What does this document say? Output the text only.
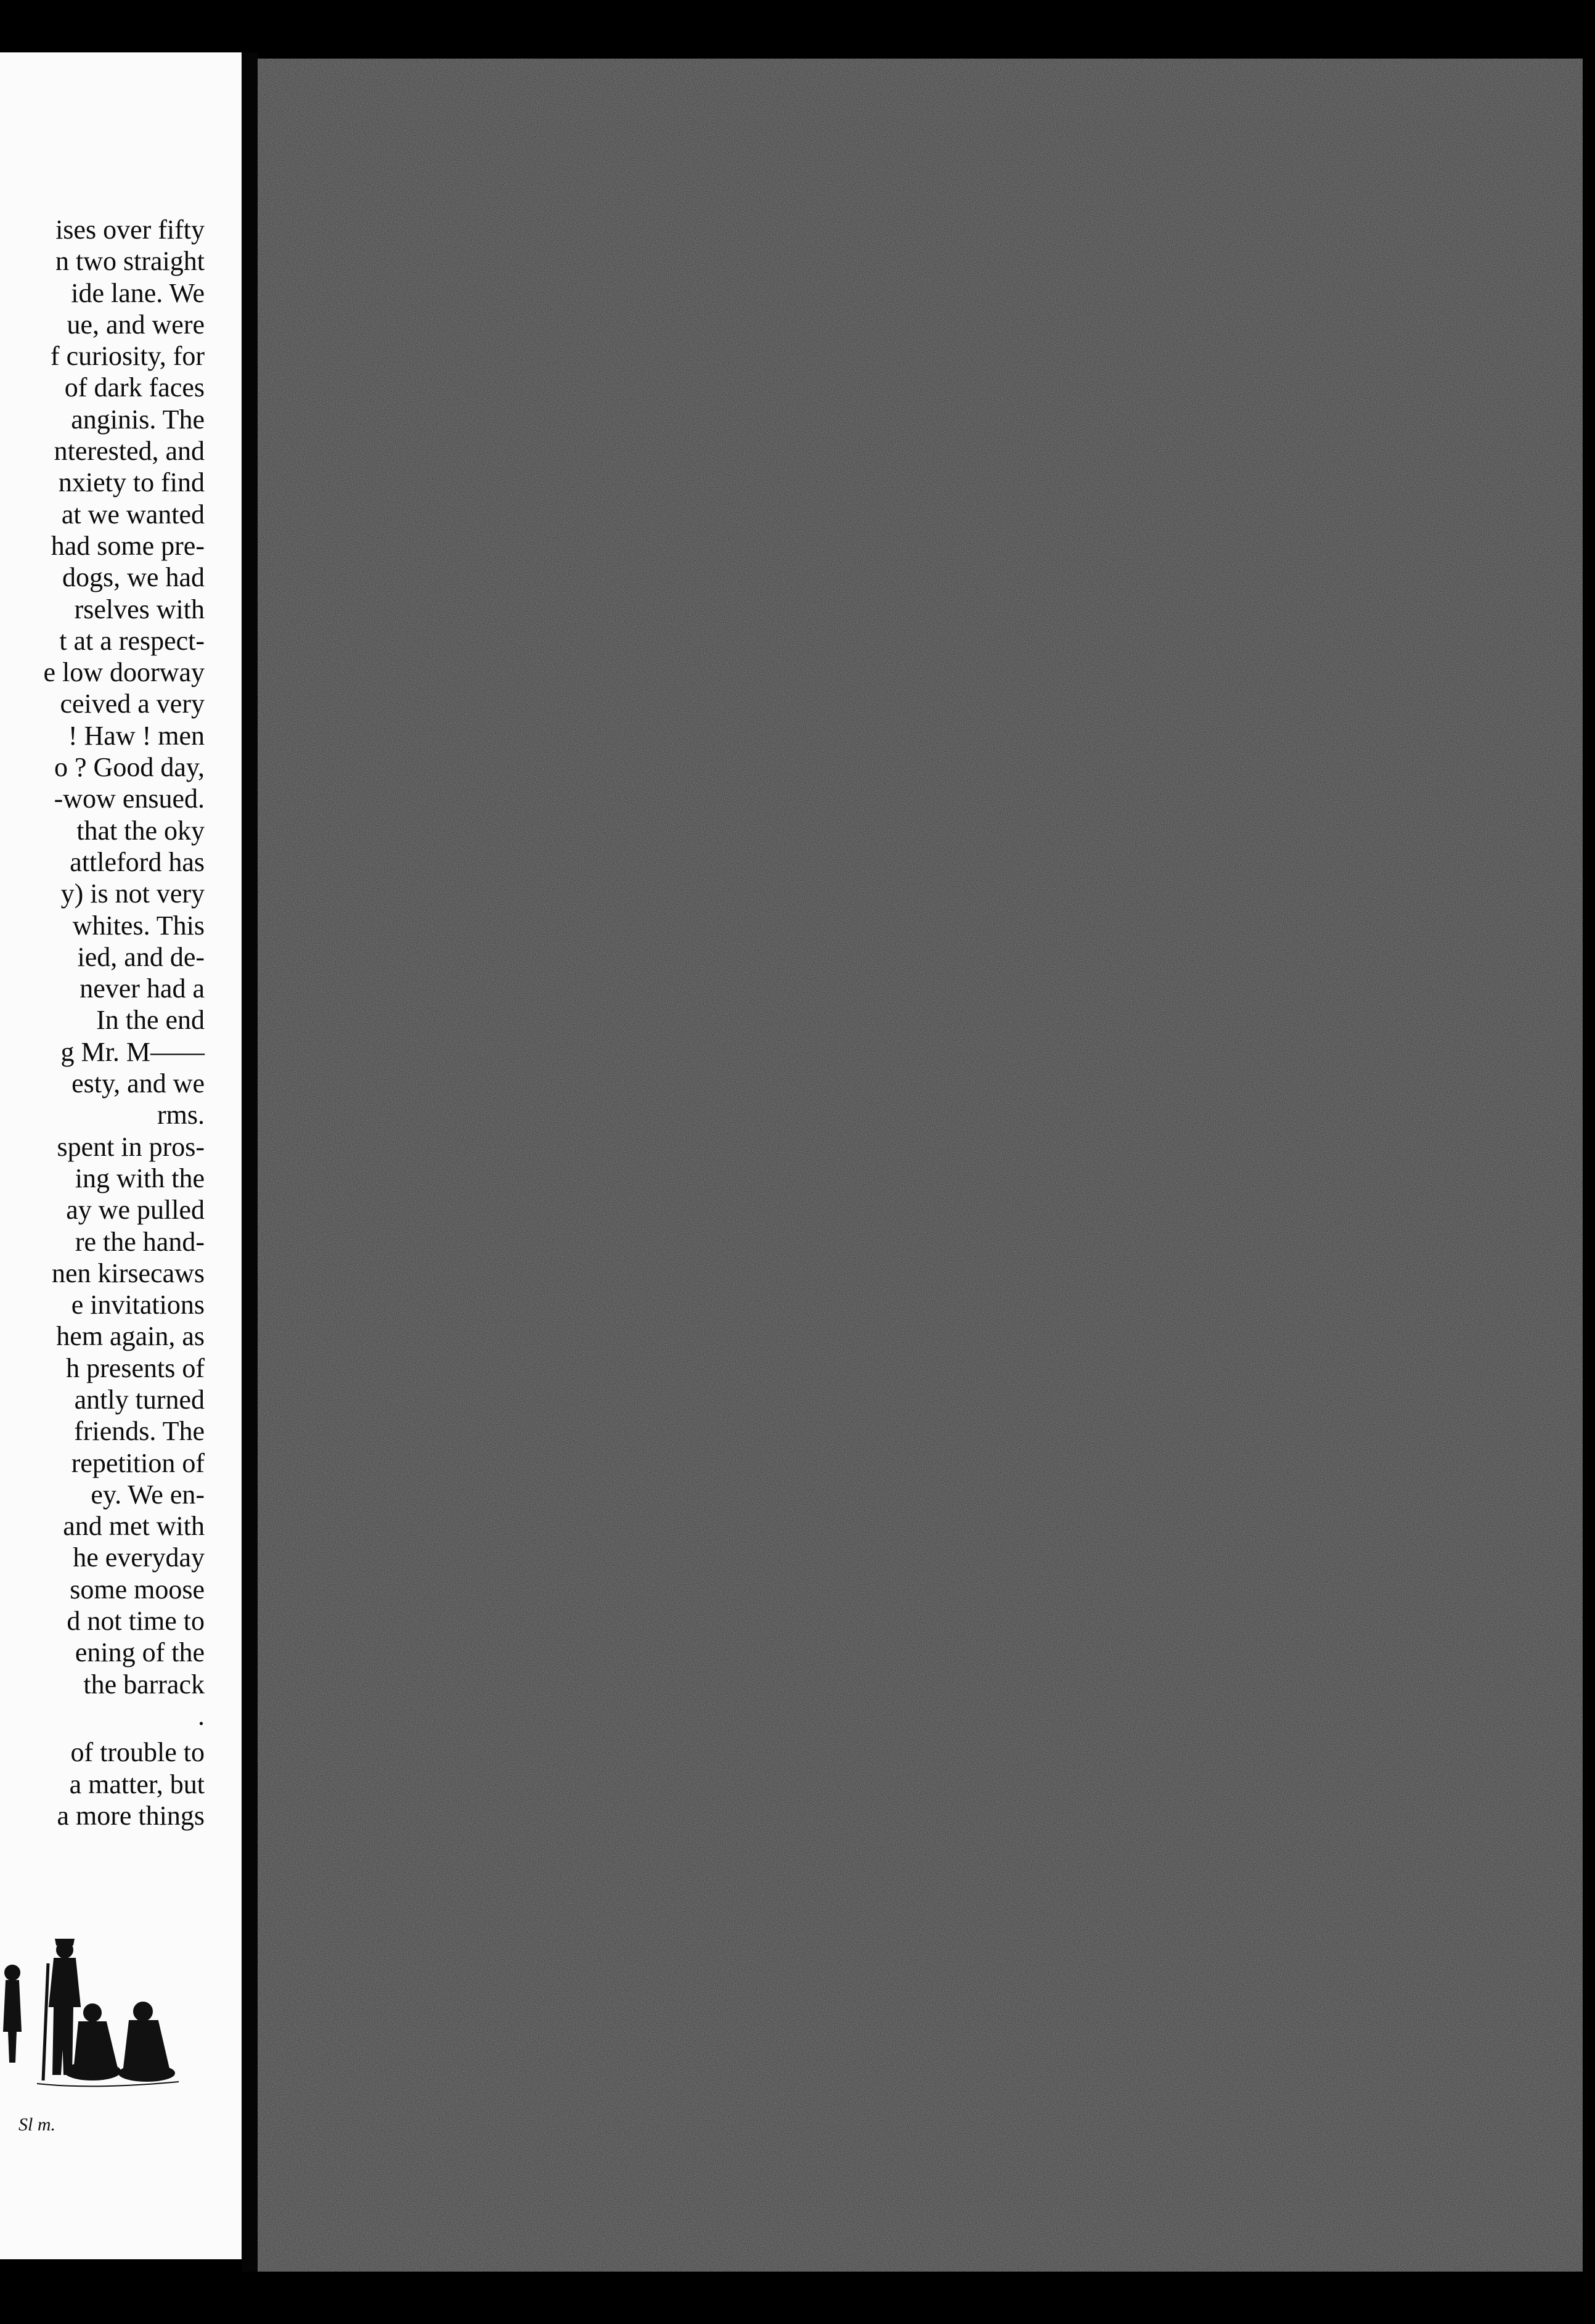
ises over fifty
n two straight
ide lane. We
ue, and were
f curiosity, for
of dark faces
anginis. The
nterested, and
nxiety to find
at we wanted
had some pre-
dogs, we had
rselves with
t at a respect-
e low doorway
ceived a very
! Haw ! men
o ? Good day,
-wow ensued.
that the oky
attleford has
y) is not very
whites. This
ied, and de-
never had a
In the end
g Mr. M——
esty, and we
rms.
spent in pros-
ing with the
ay we pulled
re the hand-
nen kirsecaws
e invitations
hem again, as
h presents of
antly turned
friends. The
repetition of
ey. We en-
and met with
he everyday
some moose
d not time to
ening of the
the barrack
.
of trouble to
a matter, but
a more things
Sl m.
